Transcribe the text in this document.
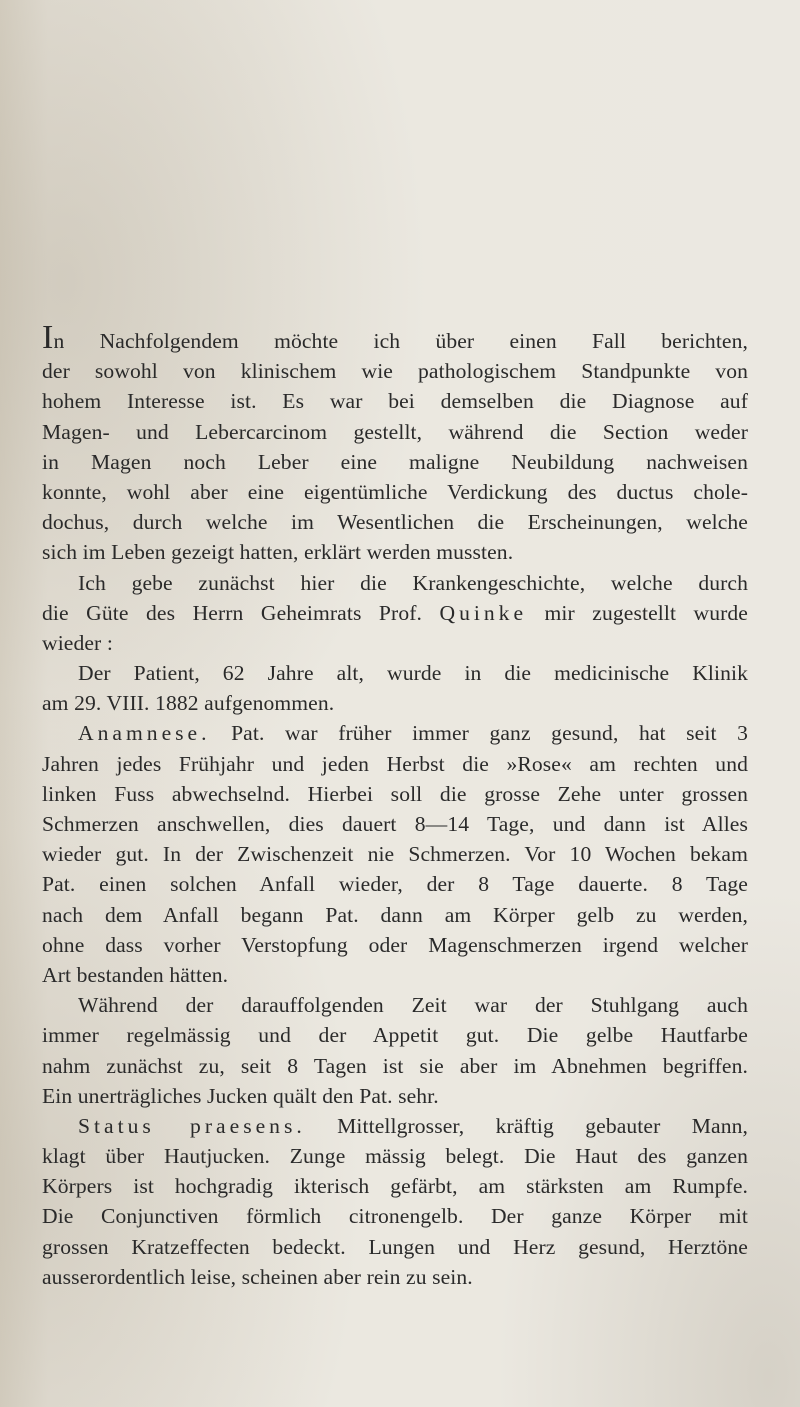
In Nachfolgendem möchte ich über einen Fall berichten,
der sowohl von klinischem wie pathologischem Standpunkte von
hohem Interesse ist. Es war bei demselben die Diagnose auf
Magen- und Lebercarcinom gestellt, während die Section weder
in Magen noch Leber eine maligne Neubildung nachweisen
konnte, wohl aber eine eigentümliche Verdickung des ductus chole-
dochus, durch welche im Wesentlichen die Erscheinungen, welche
sich im Leben gezeigt hatten, erklärt werden mussten.
Ich gebe zunächst hier die Krankengeschichte, welche durch
die Güte des Herrn Geheimrats Prof. Quinke mir zugestellt wurde
wieder :
Der Patient, 62 Jahre alt, wurde in die medicinische Klinik
am 29. VIII. 1882 aufgenommen.
Anamnese. Pat. war früher immer ganz gesund, hat seit 3
Jahren jedes Frühjahr und jeden Herbst die »Rose« am rechten und
linken Fuss abwechselnd. Hierbei soll die grosse Zehe unter grossen
Schmerzen anschwellen, dies dauert 8—14 Tage, und dann ist Alles
wieder gut. In der Zwischenzeit nie Schmerzen. Vor 10 Wochen bekam
Pat. einen solchen Anfall wieder, der 8 Tage dauerte. 8 Tage
nach dem Anfall begann Pat. dann am Körper gelb zu werden,
ohne dass vorher Verstopfung oder Magenschmerzen irgend welcher
Art bestanden hätten.
Während der darauffolgenden Zeit war der Stuhlgang auch
immer regelmässig und der Appetit gut. Die gelbe Hautfarbe
nahm zunächst zu, seit 8 Tagen ist sie aber im Abnehmen begriffen.
Ein unerträgliches Jucken quält den Pat. sehr.
Status praesens. Mittellgrosser, kräftig gebauter Mann,
klagt über Hautjucken. Zunge mässig belegt. Die Haut des ganzen
Körpers ist hochgradig ikterisch gefärbt, am stärksten am Rumpfe.
Die Conjunctiven förmlich citronengelb. Der ganze Körper mit
grossen Kratzeffecten bedeckt. Lungen und Herz gesund, Herztöne
ausserordentlich leise, scheinen aber rein zu sein.
